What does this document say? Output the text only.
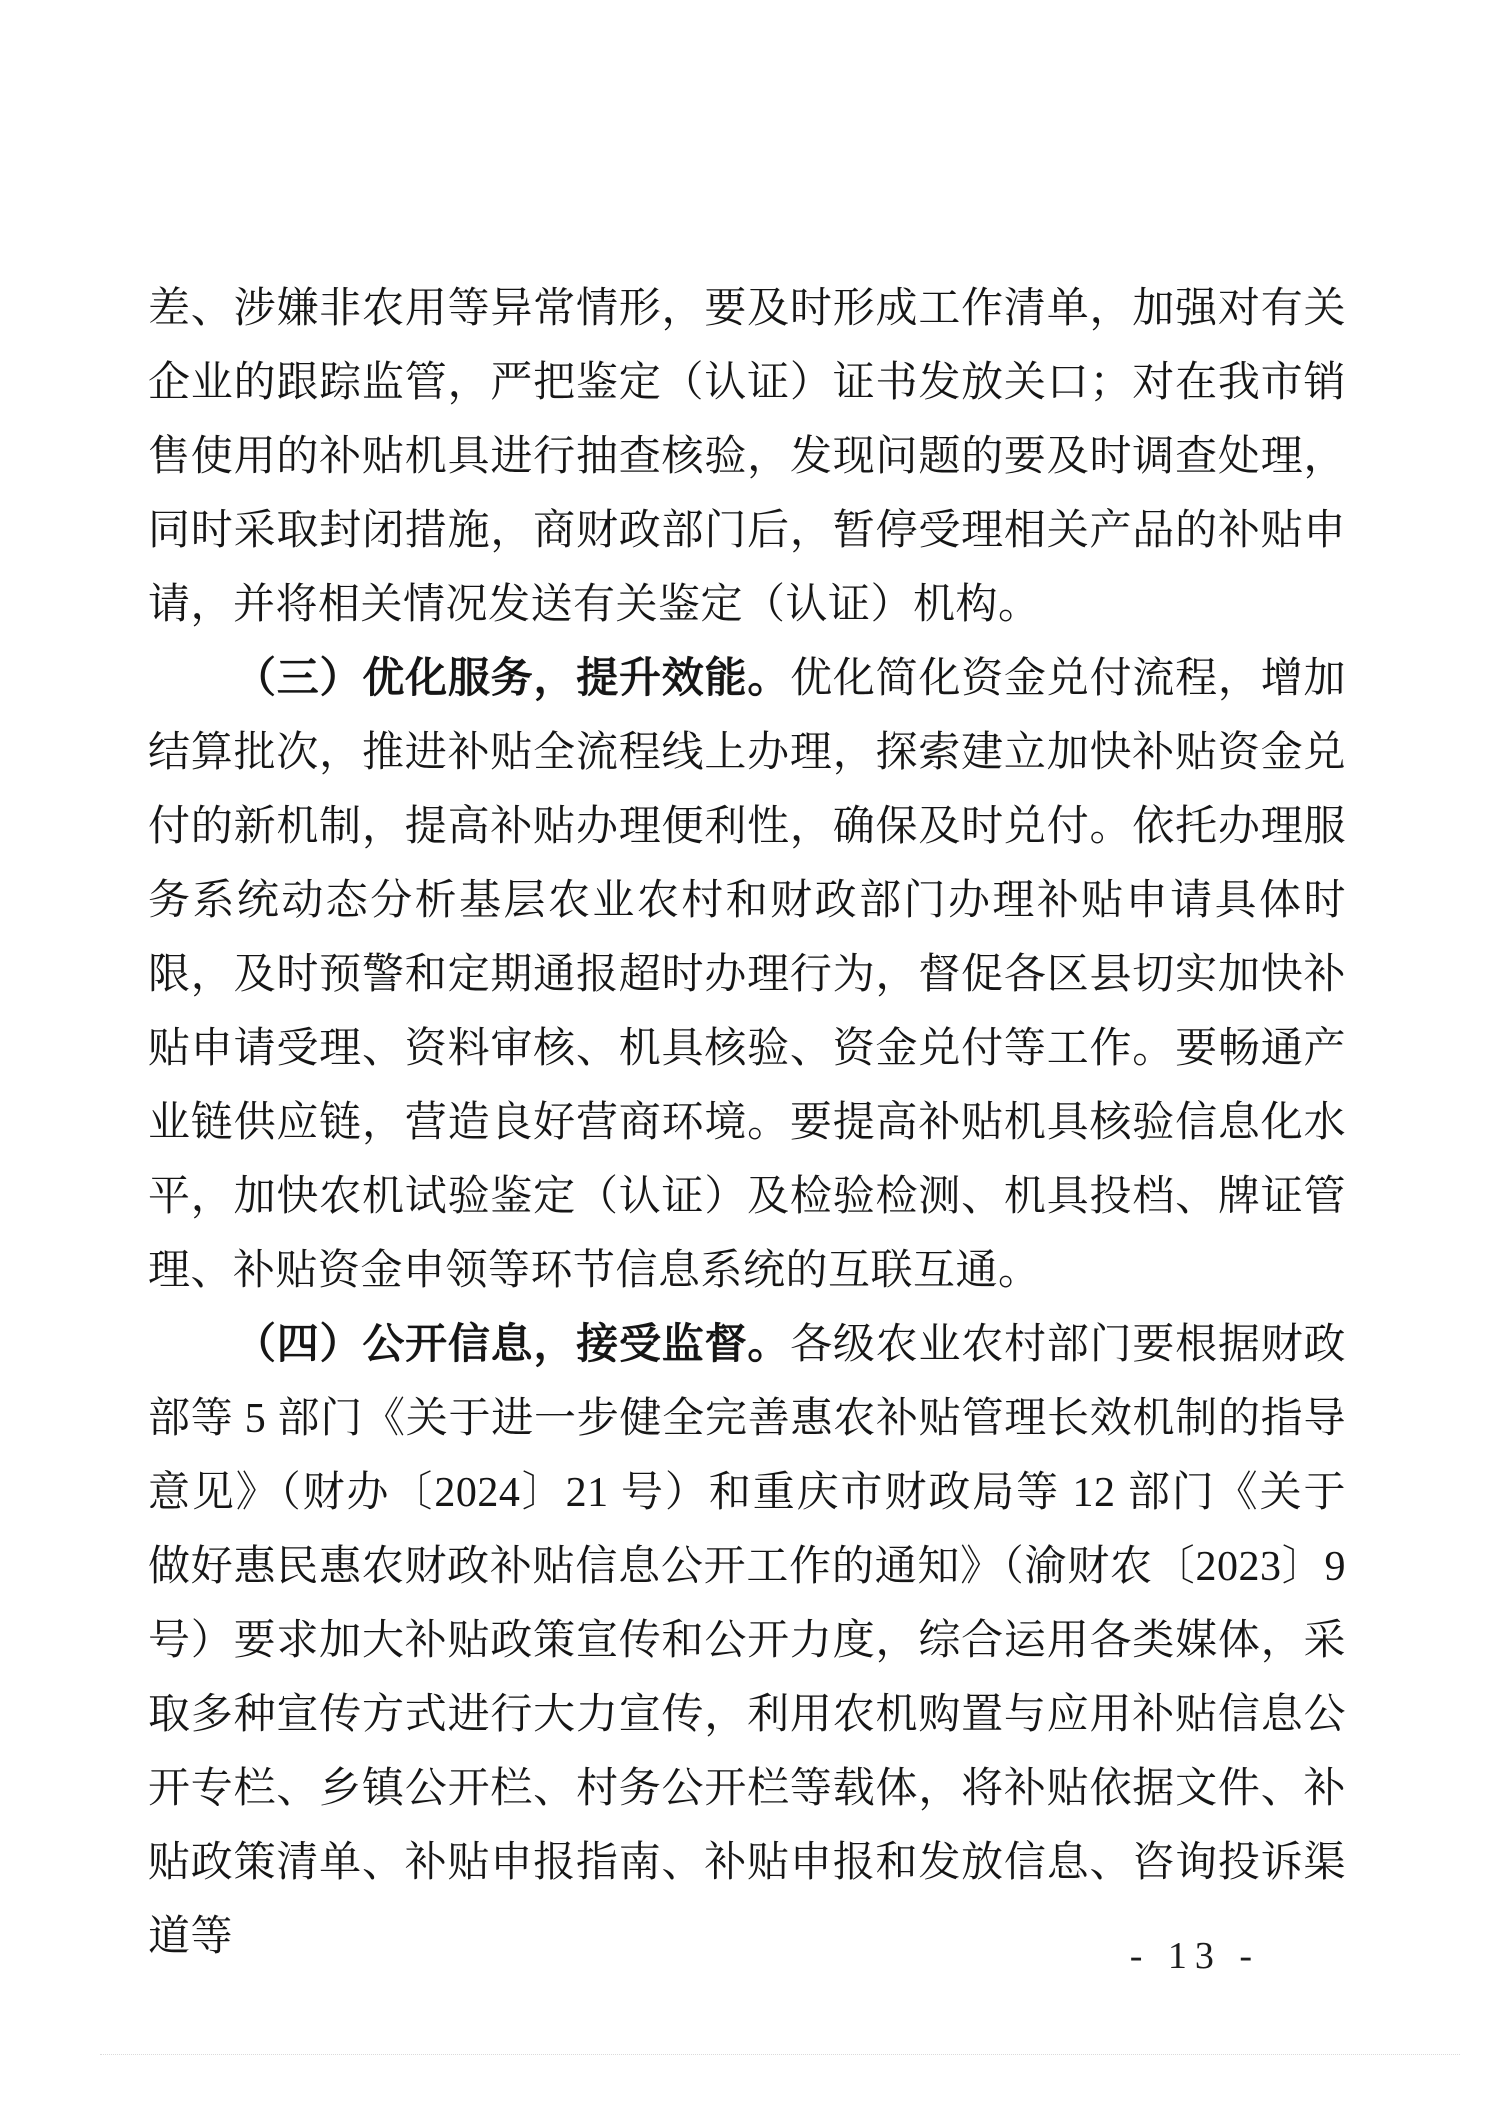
差、涉嫌非农用等异常情形，要及时形成工作清单，加强对有关企业的跟踪监管，严把鉴定（认证）证书发放关口；对在我市销售使用的补贴机具进行抽查核验，发现问题的要及时调查处理，同时采取封闭措施，商财政部门后，暂停受理相关产品的补贴申请，并将相关情况发送有关鉴定（认证）机构。

（三）优化服务，提升效能。优化简化资金兑付流程，增加结算批次，推进补贴全流程线上办理，探索建立加快补贴资金兑付的新机制，提高补贴办理便利性，确保及时兑付。依托办理服务系统动态分析基层农业农村和财政部门办理补贴申请具体时限，及时预警和定期通报超时办理行为，督促各区县切实加快补贴申请受理、资料审核、机具核验、资金兑付等工作。要畅通产业链供应链，营造良好营商环境。要提高补贴机具核验信息化水平，加快农机试验鉴定（认证）及检验检测、机具投档、牌证管理、补贴资金申领等环节信息系统的互联互通。

（四）公开信息，接受监督。各级农业农村部门要根据财政部等 5 部门《关于进一步健全完善惠农补贴管理长效机制的指导意见》（财办〔2024〕21 号）和重庆市财政局等 12 部门《关于做好惠民惠农财政补贴信息公开工作的通知》（渝财农〔2023〕9 号）要求加大补贴政策宣传和公开力度，综合运用各类媒体，采取多种宣传方式进行大力宣传，利用农机购置与应用补贴信息公开专栏、乡镇公开栏、村务公开栏等载体，将补贴依据文件、补贴政策清单、补贴申报指南、补贴申报和发放信息、咨询投诉渠道等	- 13 -
